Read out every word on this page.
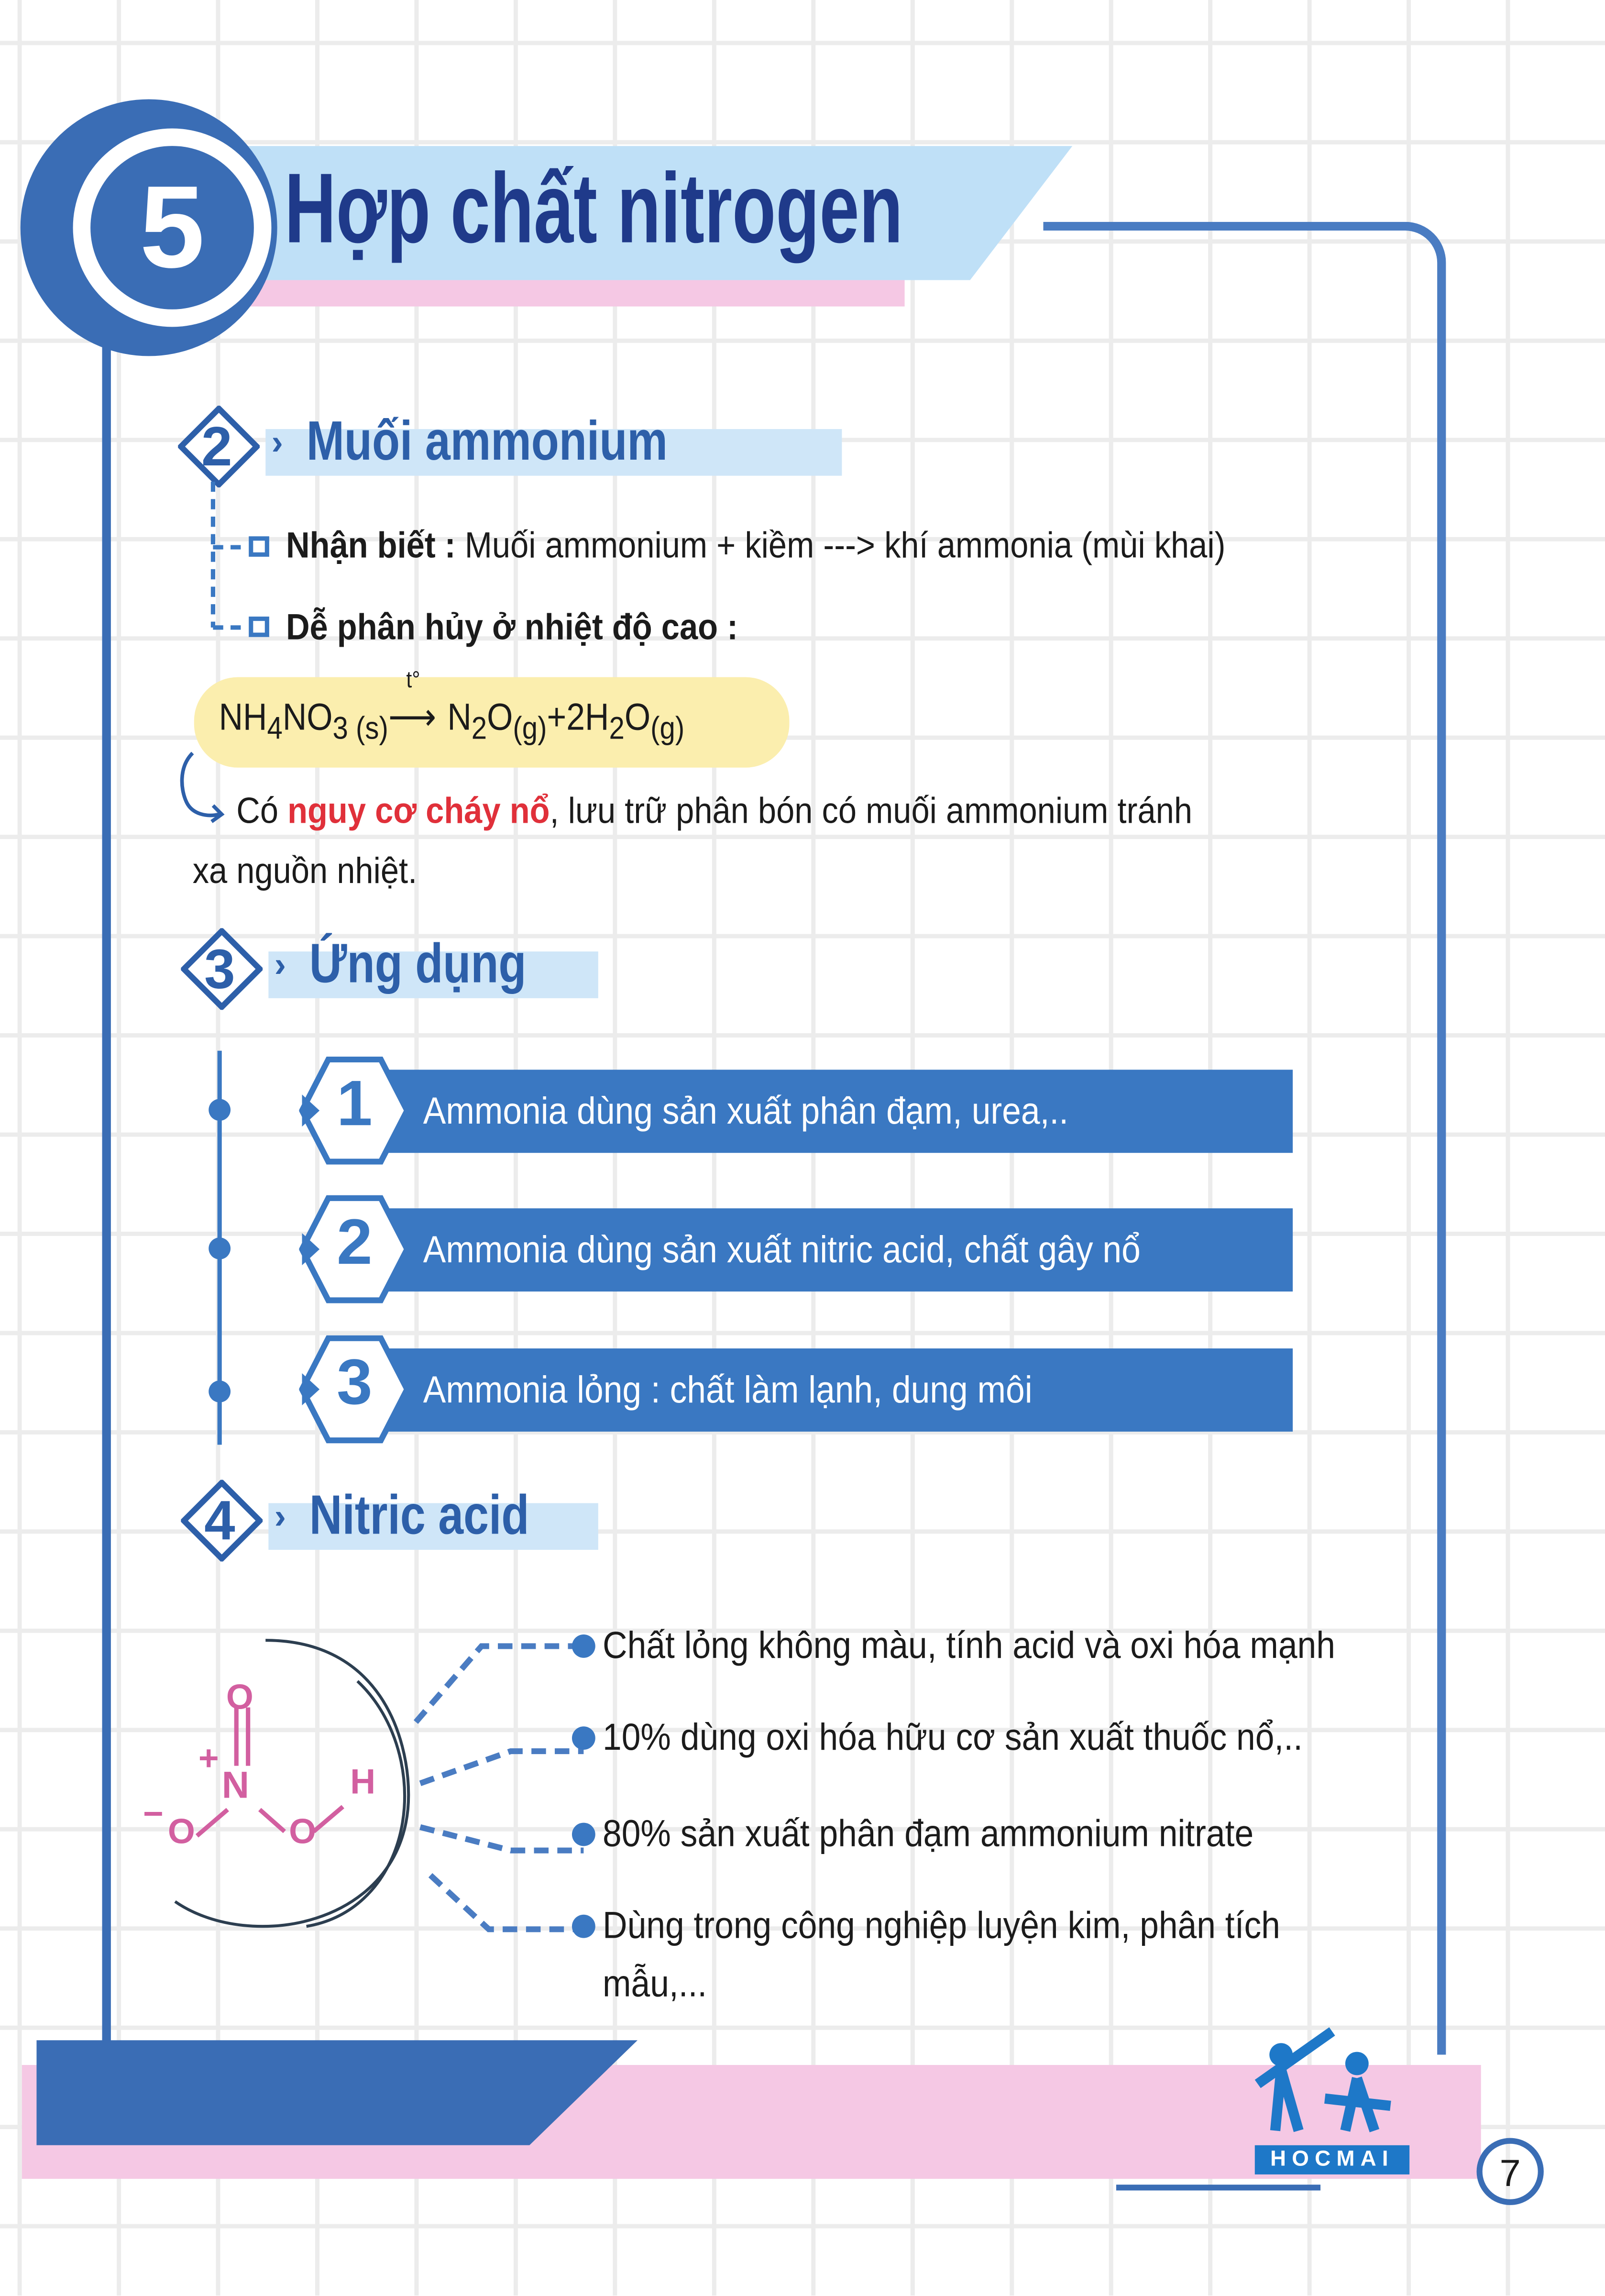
5	Hợp chất nitrogen
2	› Muối ammonium
Nhận biết : Muối ammonium + kiềm ---> khí ammonia (mùi khai)
Dễ phân hủy ở nhiệt độ cao :
$NH_4NO_{3 (s)}$
t°
⟶ $N_2O_{(g)}+2H_2O_{(g)}$
Có nguy cơ cháy nổ, lưu trữ phân bón có muối ammonium tránh
xa nguồn nhiệt.
3	› Ứng dụng
Ammonia dùng sản xuất phân đạm, urea,..
Ammonia dùng sản xuất nitric acid, chất gây nổ
Ammonia lỏng : chất làm lạnh, dung môi
1
2
3
4	› Nitric acid
O
N
+
O
−	O
H
Chất lỏng không màu, tính acid và oxi hóa mạnh
10% dùng oxi hóa hữu cơ sản xuất thuốc nổ,..
80% sản xuất phân đạm ammonium nitrate
Dùng trong công nghiệp luyện kim, phân tích
mẫu,...
HOCMAI	7
